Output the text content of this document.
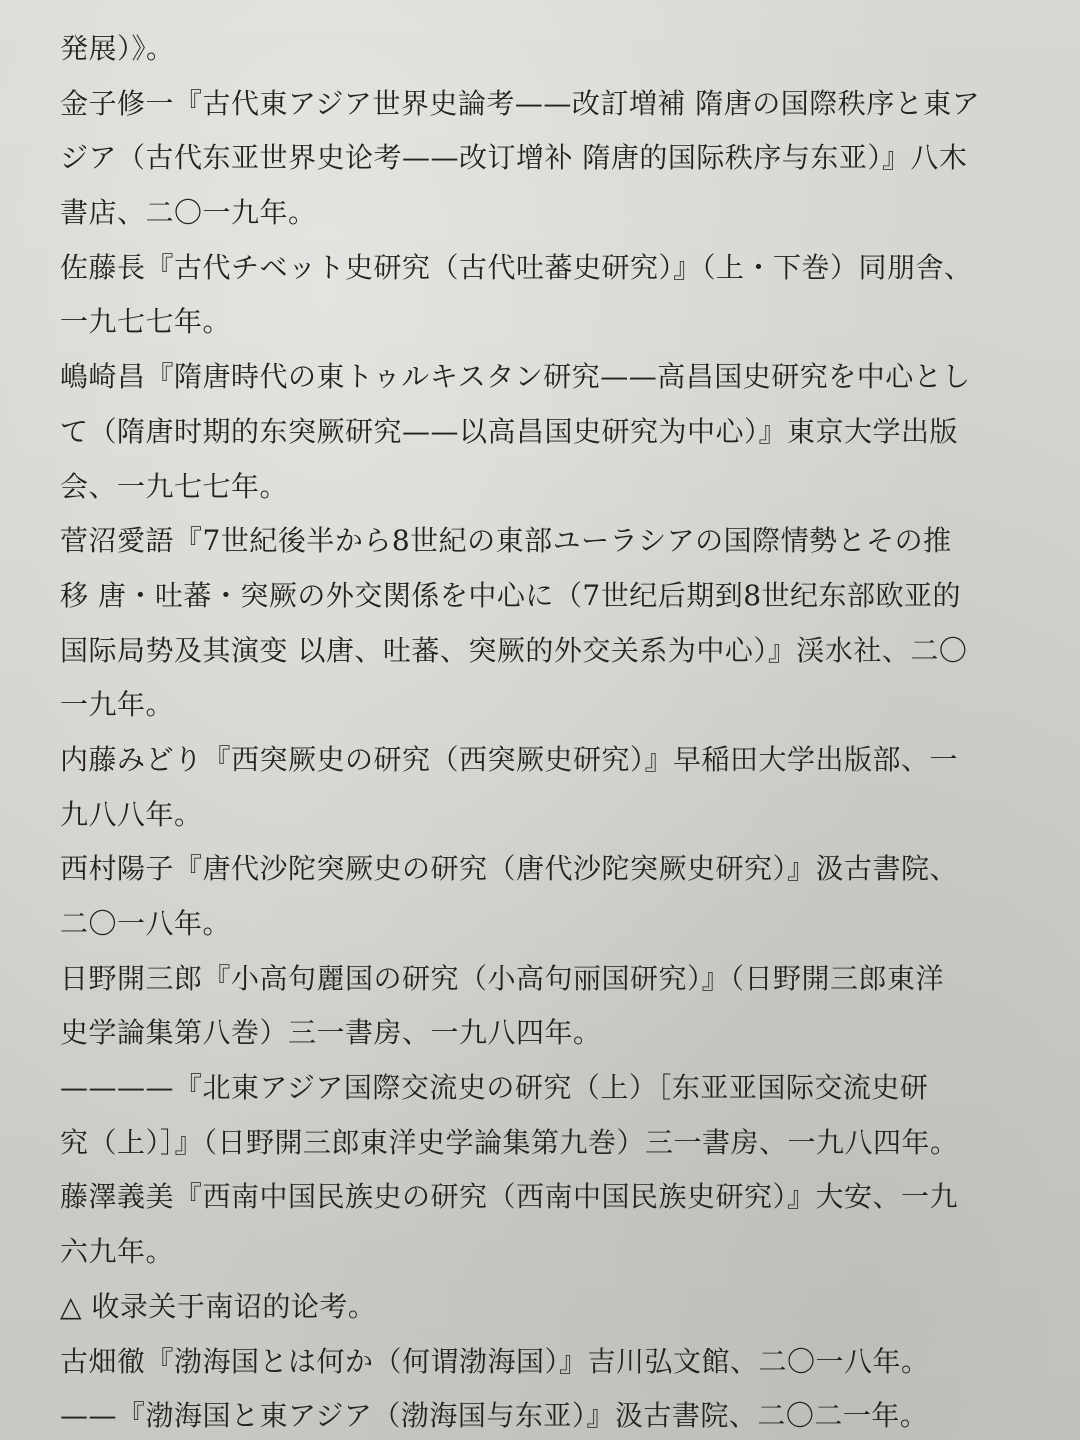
発展）》。
金子修一『古代東アジア世界史論考——改訂増補 隋唐の国際秩序と東ア
ジア（古代东亚世界史论考——改订增补 隋唐的国际秩序与东亚）』八木
書店、二〇一九年。
佐藤長『古代チベット史研究（古代吐蕃史研究）』（上・下巻）同朋舎、
一九七七年。
嶋崎昌『隋唐時代の東トゥルキスタン研究——高昌国史研究を中心とし
て（隋唐时期的东突厥研究——以高昌国史研究为中心）』東京大学出版
会、一九七七年。
菅沼愛語『7世紀後半から8世紀の東部ユーラシアの国際情勢とその推
移 唐・吐蕃・突厥の外交関係を中心に（7世纪后期到8世纪东部欧亚的
国际局势及其演变 以唐、吐蕃、突厥的外交关系为中心）』渓水社、二〇
一九年。
内藤みどり『西突厥史の研究（西突厥史研究）』早稲田大学出版部、一
九八八年。
西村陽子『唐代沙陀突厥史の研究（唐代沙陀突厥史研究）』汲古書院、
二〇一八年。
日野開三郎『小高句麗国の研究（小高句丽国研究）』（日野開三郎東洋
史学論集第八巻）三一書房、一九八四年。
————『北東アジア国際交流史の研究（上）［东亚亚国际交流史研
究（上）］』（日野開三郎東洋史学論集第九巻）三一書房、一九八四年。
藤澤義美『西南中国民族史の研究（西南中国民族史研究）』大安、一九
六九年。
△ 收录关于南诏的论考。
古畑徹『渤海国とは何か（何谓渤海国）』吉川弘文館、二〇一八年。
——『渤海国と東アジア（渤海国与东亚）』汲古書院、二〇二一年。
